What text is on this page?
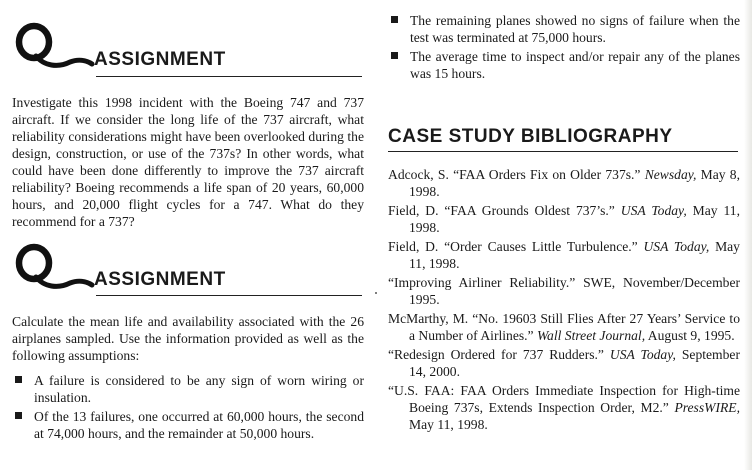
ASSIGNMENT
Investigate this 1998 incident with the Boeing 747 and 737 aircraft. If we consider the long life of the 737 aircraft, what reliability considerations might have been overlooked during the design, construction, or use of the 737s? In other words, what could have been done differently to improve the 737 aircraft reliability? Boeing recommends a life span of 20 years, 60,000 hours, and 20,000 flight cycles for a 747. What do they recommend for a 737?
ASSIGNMENT
Calculate the mean life and availability associated with the 26 airplanes sampled. Use the information provided as well as the following assumptions:
A failure is considered to be any sign of worn wiring or insulation.
Of the 13 failures, one occurred at 60,000 hours, the second at 74,000 hours, and the remainder at 50,000 hours.
The remaining planes showed no signs of failure when the test was terminated at 75,000 hours.
The average time to inspect and/or repair any of the planes was 15 hours.
CASE STUDY BIBLIOGRAPHY
Adcock, S. “FAA Orders Fix on Older 737s.” Newsday, May 8, 1998.
Field, D. “FAA Grounds Oldest 737’s.” USA Today, May 11, 1998.
Field, D. “Order Causes Little Turbulence.” USA Today, May 11, 1998.
“Improving Airliner Reliability.” SWE, November/December 1995.
McMarthy, M. “No. 19603 Still Flies After 27 Years’ Service to a Number of Airlines.” Wall Street Journal, August 9, 1995.
“Redesign Ordered for 737 Rudders.” USA Today, September 14, 2000.
“U.S. FAA: FAA Orders Immediate Inspection for High-time Boeing 737s, Extends Inspection Order, M2.” PressWIRE, May 11, 1998.
